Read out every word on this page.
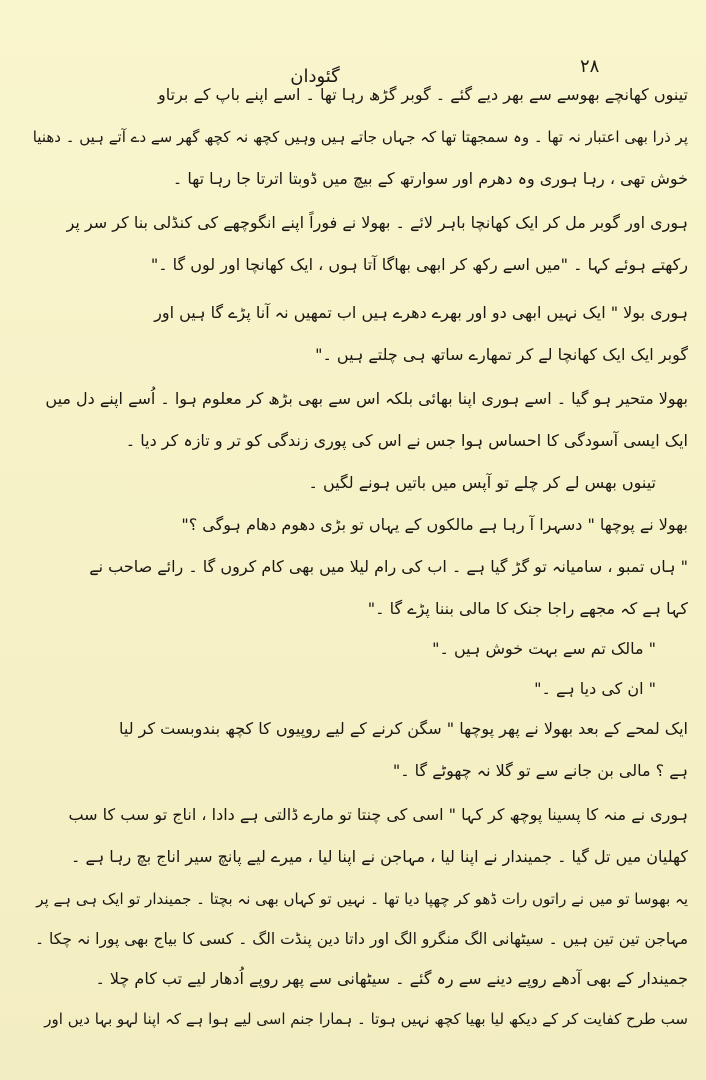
۲۸
گئودان
تینوں کھانچے بھوسے سے بھر دیے گئے ۔ گوبر گڑھ رہا تھا ۔ اسے اپنے باپ کے برتاو
پر ذرا بھی اعتبار نہ تھا ۔ وہ سمجھتا تھا کہ جہاں جاتے ہیں وہیں کچھ نہ کچھ گھر سے دے آتے ہیں ۔ دھنیا
خوش تھی ، رہا ہوری وہ دھرم اور سوارتھ کے بیچ میں ڈوبتا اترتا جا رہا تھا ۔
ہوری اور گوبر مل کر ایک کھانچا باہر لائے ۔ بھولا نے فوراً اپنے انگوچھے کی کنڈلی بنا کر سر پر
رکھتے ہوئے کہا ۔ "میں اسے رکھ کر ابھی بھاگا آتا ہوں ، ایک کھانچا اور لوں گا ۔"
ہوری بولا " ایک نہیں ابھی دو اور بھرے دھرے ہیں اب تمھیں نہ آنا پڑے گا ہیں اور
گوبر ایک ایک کھانچا لے کر تمھارے ساتھ ہی چلتے ہیں ۔"
بھولا متحیر ہو گیا ۔ اسے ہوری اپنا بھائی بلکہ اس سے بھی بڑھ کر معلوم ہوا ۔ اُسے اپنے دل میں
ایک ایسی آسودگی کا احساس ہوا جس نے اس کی پوری زندگی کو تر و تازہ کر دیا ۔
تینوں بھس لے کر چلے تو آپس میں باتیں ہونے لگیں ۔
بھولا نے پوچھا " دسہرا آ رہا ہے مالکوں کے یہاں تو بڑی دھوم دھام ہوگی ؟"
" ہاں تمبو ، سامیانہ تو گڑ گیا ہے ۔ اب کی رام لیلا میں بھی کام کروں گا ۔ رائے صاحب نے
کہا ہے کہ مجھے راجا جنک کا مالی بننا پڑے گا ۔"
" مالک تم سے بہت خوش ہیں ۔"
" ان کی دیا ہے ۔"
ایک لمحے کے بعد بھولا نے پھر پوچھا " سگن کرنے کے لیے روپیوں کا کچھ بندوبست کر لیا
ہے ؟ مالی بن جانے سے تو گلا نہ چھوٹے گا ۔"
ہوری نے منہ کا پسینا پوچھ کر کہا " اسی کی چنتا تو مارے ڈالتی ہے دادا ، اناج تو سب کا سب
کھلیان میں تل گیا ۔ جمیندار نے اپنا لیا ، مہاجن نے اپنا لیا ، میرے لیے پانچ سیر اناج بچ رہا ہے ۔
یہ بھوسا تو میں نے راتوں رات ڈھو کر چھپا دیا تھا ۔ نہیں تو کہاں بھی نہ بچتا ۔ جمیندار تو ایک ہی ہے پر
مہاجن تین تین ہیں ۔ سیٹھانی الگ منگرو الگ اور داتا دین پنڈت الگ ۔ کسی کا بیاج بھی پورا نہ چکا ۔
جمیندار کے بھی آدھے روپے دینے سے رہ گئے ۔ سیٹھانی سے پھر روپے اُدھار لیے تب کام چلا ۔
سب طرح کفایت کر کے دیکھ لیا بھیا کچھ نہیں ہوتا ۔ ہمارا جنم اسی لیے ہوا ہے کہ اپنا لہو بہا دیں اور
